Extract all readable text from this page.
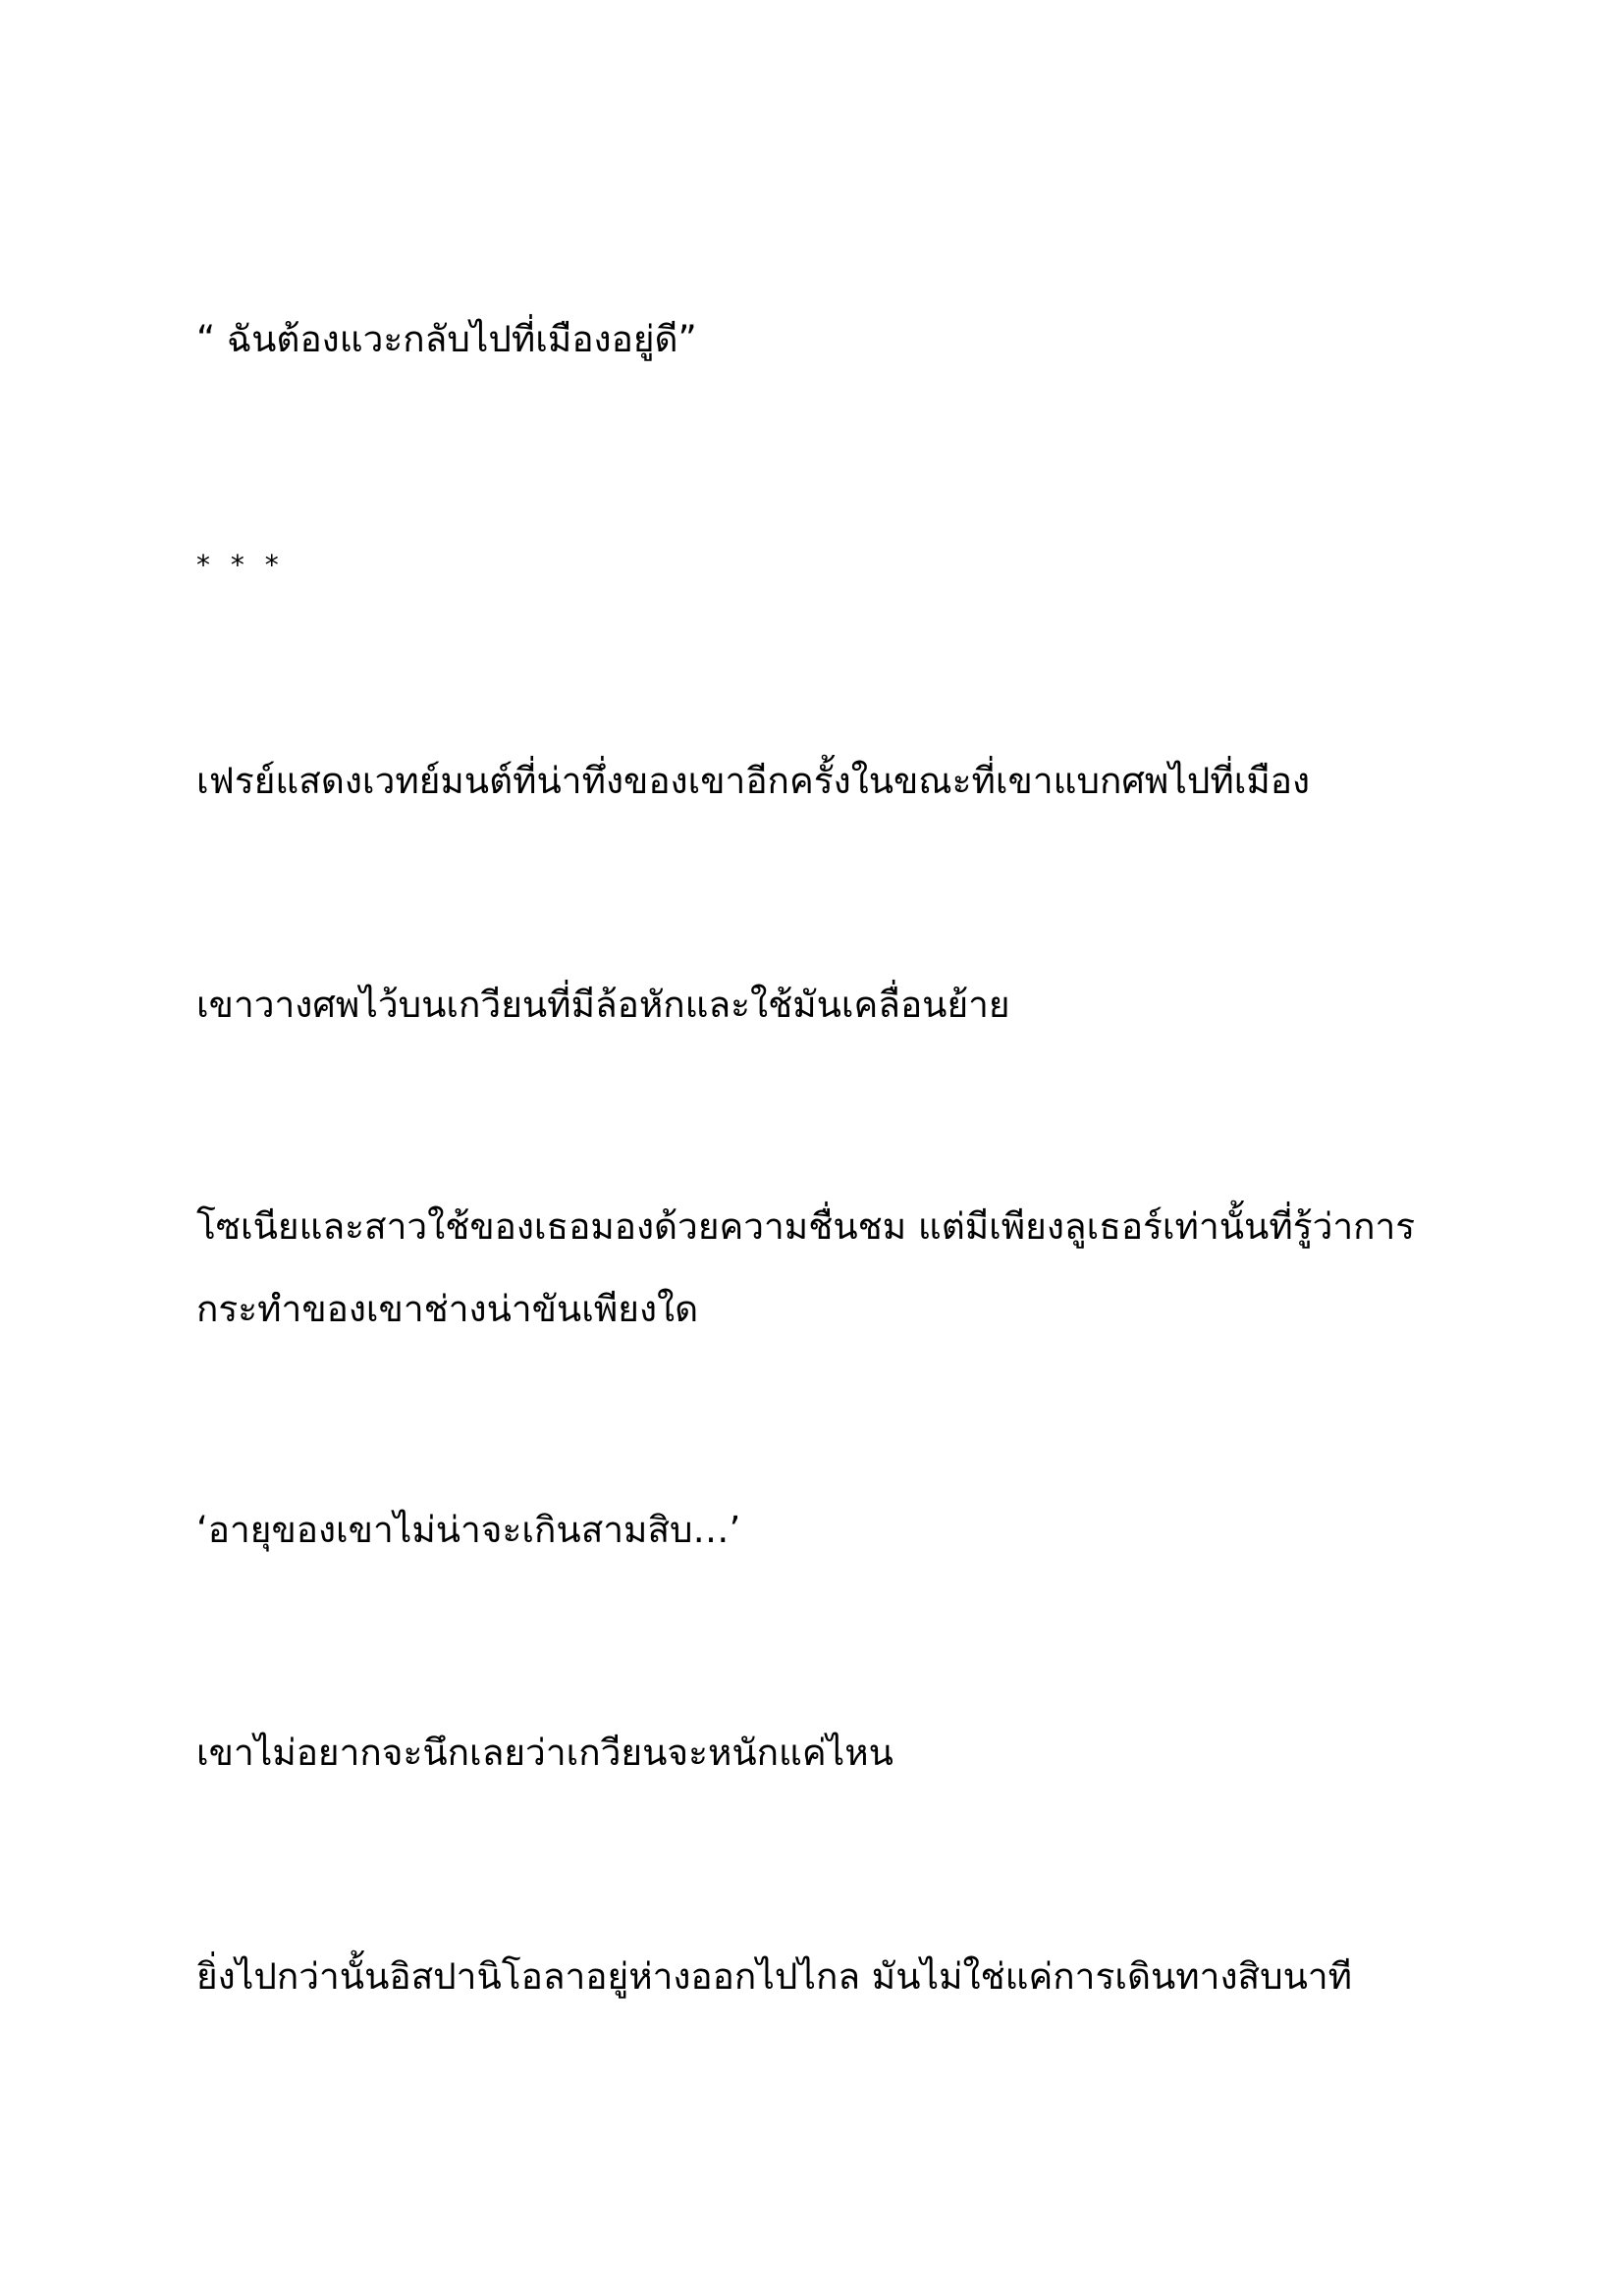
“ ฉันต้องแวะกลับไปที่เมืองอยู่ดี”

* * *

เฟรย์แสดงเวทย์มนต์ที่น่าทึ่งของเขาอีกครั้งในขณะที่เขาแบกศพไปที่เมือง

เขาวางศพไว้บนเกวียนที่มีล้อหักและใช้มันเคลื่อนย้าย

โซเนียและสาวใช้ของเธอมองด้วยความชื่นชม แต่มีเพียงลูเธอร์เท่านั้นที่รู้ว่าการ

กระทำของเขาช่างน่าขันเพียงใด

‘อายุของเขาไม่น่าจะเกินสามสิบ…’

เขาไม่อยากจะนึกเลยว่าเกวียนจะหนักแค่ไหน

ยิ่งไปกว่านั้นอิสปานิโอลาอยู่ห่างออกไปไกล มันไม่ใช่แค่การเดินทางสิบนาที
